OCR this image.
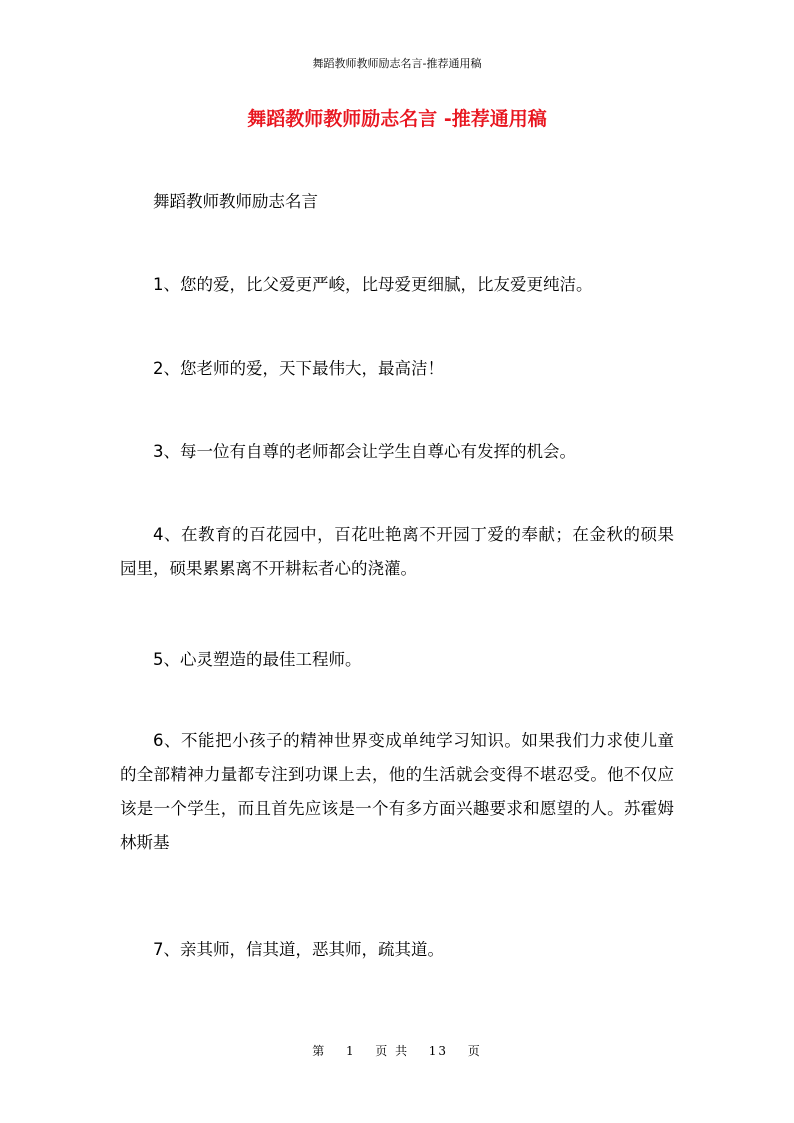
舞蹈教师教师励志名言-推荐通用稿
舞蹈教师教师励志名言 -推荐通用稿

舞蹈教师教师励志名言

1、您的爱，比父爱更严峻，比母爱更细腻，比友爱更纯洁。

2、您老师的爱，天下最伟大，最高洁！

3、每一位有自尊的老师都会让学生自尊心有发挥的机会。

4、在教育的百花园中，百花吐艳离不开园丁爱的奉献；在金秋的硕果园里，硕果累累离不开耕耘者心的浇灌。

5、心灵塑造的最佳工程师。

6、不能把小孩子的精神世界变成单纯学习知识。如果我们力求使儿童的全部精神力量都专注到功课上去，他的生活就会变得不堪忍受。他不仅应该是一个学生，而且首先应该是一个有多方面兴趣要求和愿望的人。苏霍姆林斯基

7、亲其师，信其道，恶其师，疏其道。

第 1 页 共 13 页
